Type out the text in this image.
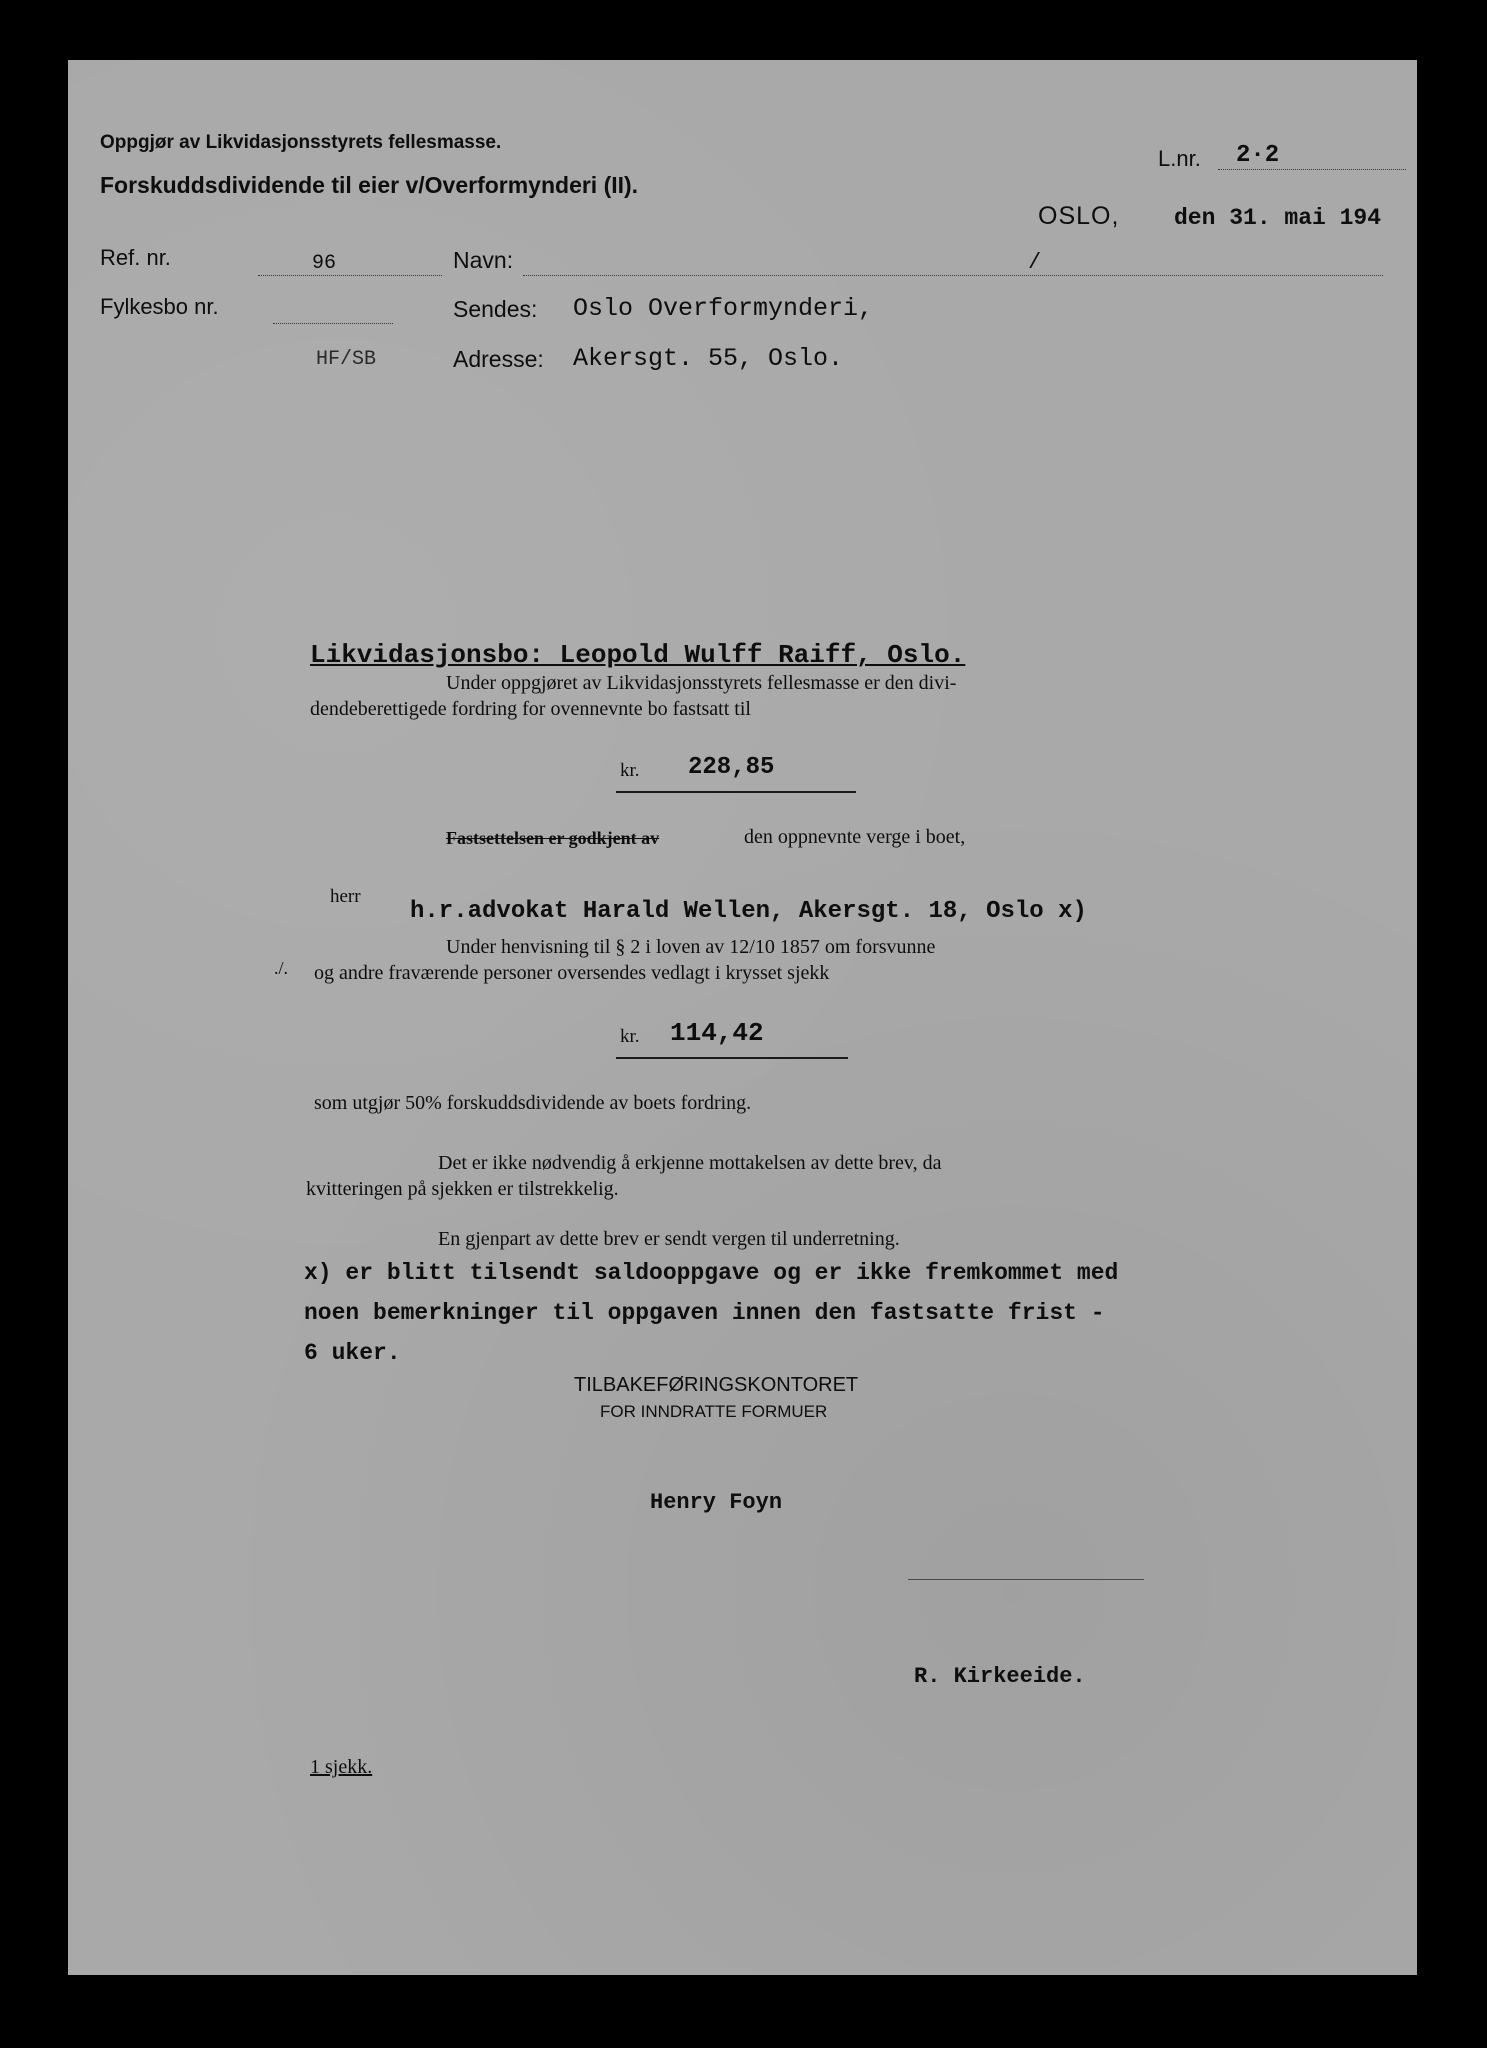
Oppgjør av Likvidasjonsstyrets fellesmasse.
Forskuddsdividende til eier v/Overformynderi (II).
L.nr.	2·2
OSLO, den 31. mai 194
Ref. nr.	96
Fylkesbo nr.
HF/SB
Navn:	/
Sendes: Oslo Overformynderi,
Adresse: Akersgt. 55, Oslo.
Likvidasjonsbo: Leopold Wulff Raiff, Oslo.
Under oppgjøret av Likvidasjonsstyrets fellesmasse er den divi-
dendeberettigede fordring for ovennevnte bo fastsatt til
kr. 228,85
Fastsettelsen er godkjent av	den oppnevnte verge i boet,
herr
h.r.advokat Harald Wellen, Akersgt. 18, Oslo x)
./.
Under henvisning til § 2 i loven av 12/10 1857 om forsvunne
og andre fraværende personer oversendes vedlagt i krysset sjekk
kr. 114,42
som utgjør 50% forskuddsdividende av boets fordring.
Det er ikke nødvendig å erkjenne mottakelsen av dette brev, da
kvitteringen på sjekken er tilstrekkelig.
En gjenpart av dette brev er sendt vergen til underretning.
x) er blitt tilsendt saldooppgave og er ikke fremkommet med
noen bemerkninger til oppgaven innen den fastsatte frist -
6 uker.
TILBAKEFØRINGSKONTORET
FOR INNDRATTE FORMUER
Henry Foyn
R. Kirkeeide.
1 sjekk.
